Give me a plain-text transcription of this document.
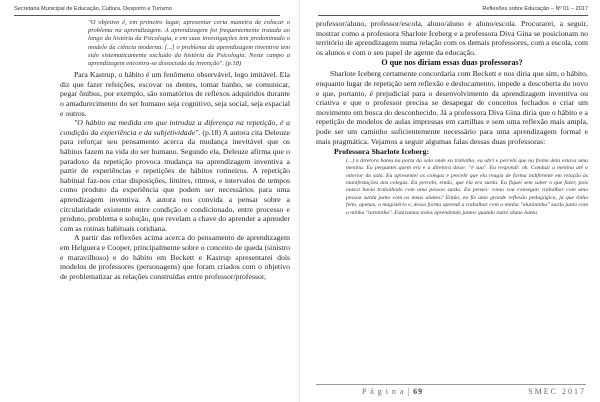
Secretaria Municipal de Educação, Cultura, Desporto e Turismo

"O objetivo é, em primeiro lugar, apresentar certa maneira de colocar o problema na aprendizagem. A aprendizagem foi frequentemente tratada ao longo da história da Psicologia, e em suas investigações tem predominado o modelo da ciência moderna. [...] o problema da aprendizagem inventiva tem sido sistematicamente excluído da história da Psicologia. Neste campo a aprendizagem encontra-se dissociada da invenção". (p.18)

Para Kastrup, o hábito é um fenômeno observável, logo imitável. Ela diz que fazer refeições, escovar os dentes, tomar banho, se comunicar, pegar ônibus, por exemplo, são somatórios de reflexos adquiridos durante o amadurecimento do ser humano seja cognitivo, seja social, seja espacial e outros.

"O hábito na medida em que introduz a diferença na repetição, é a condição da experiência e da subjetividade". (p.18) A autora cita Deleuze para reforçar seu pensamento acerca da mudança inevitável que os hábitos fazem na vida do ser humano. Segundo ela, Deleuze afirma que o paradoxo da repetição provoca mudança na aprendizagem inventiva a partir de experiências e repetições de hábitos rotineiros. A repetição habitual faz-nos criar disposições, limites, ritmos, e intervalos de tempos como produto da experiência que podem ser necessários para uma aprendizagem inventiva. A autora nos convida a pensar sobre a circularidade existente entre condição e condicionado, entre processo e produto, problema e solução, que revelam a chave do aprender a aprender com as rotinas habituais cotidiana.

A partir das reflexões acima acerca do pensamento de aprendizagem em Helguera e Cooper, principalmente sobre o conceito de queda (sinistro e maravilhoso) e do hábito em Beckett e Kastrup apresentarei dois modelos de professores (personagens) que foram criados com o objetivo de problematizar as relações construídas entre professor/professor,

Reflexões sobre Educação – Nº 01 – 2017

professor/aluno, professor/escola, aluno/aluno e aluno/escola. Procurarei, a seguir, mostrar como a professora Sharlote Iceberg e a professora Diva Gina se posicionam no território de aprendizagem numa relação com os demais professores, com a escola, com os alunos e com o seu papel de agente da educação.

O que nos diriam essas duas professoras?

Sharlote Iceberg certamente concordaria com Beckett e nos diria que sim, o hábito, enquanto lugar de repetição sem reflexão e deslocamento, impede a descoberta do novo e que, portanto, é prejudicial para o desenvolvimento da aprendizagem inventiva ou criativa e que o professor precisa se desapegar de conceitos fechados e criar um movimento em busca do desconhecido. Já a professora Diva Gina diria que o hábito e a repetição de modelos de aulas impressas em cartilhas e sem uma reflexão mais ampla, pode ser um caminho suficientemente necessário para uma aprendizagem formal e mais pragmática. Vejamos a seguir algumas falas dessas duas professoras:

Professora Sharlote Iceberg:

(...) a diretora bateu na porta da sala onde eu trabalho, eu abri e percebi que na frente dela estava uma menina. Eu perguntei quem era e a diretora disse: "é sua". Eu respondi: ok. Conduzi a menina até o interior da sala. Eu apresentei os colegas e percebi que ela reagia de forma indiferente em relação às manifestações dos colegas. Eu percebi, então, que ela era surda. Eu fiquei sem saber o que fazer, pois nunca havia trabalhado com uma pessoa surda. Eu pensei: como vou conseguir trabalhar com uma pessoa surda junto com os meus alunos? Então, eu fiz uma grande reflexão pedagógica, já que tinha feito, apenas, o magistério e, dessa forma aprendi a trabalhar com a minha "alunininha" surda junto com a minha "turminha". Estávamos todos aprendendo juntos quando outro aluno bateu

P á g i n a | 69	SMEC 2017
